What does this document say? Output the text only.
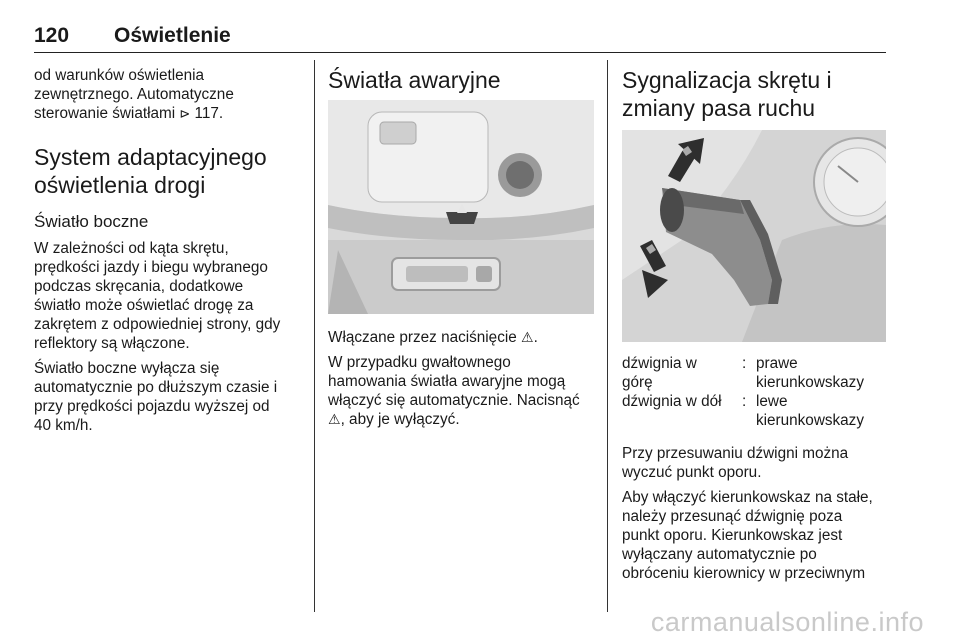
120 Oświetlenie

od warunków oświetlenia
zewnętrznego. Automatyczne
sterowanie światłami ⊳ 117.

System adaptacyjnego
oświetlenia drogi
Światło boczne

W zależności od kąta skrętu,
prędkości jazdy i biegu wybranego
podczas skręcania, dodatkowe
światło może oświetlać drogę za
zakrętem z odpowiedniej strony, gdy
reflektory są włączone.

Światło boczne wyłącza się
automatycznie po dłuższym czasie i
przy prędkości pojazdu wyższej od
40 km/h.

Światła awaryjne

Włączane przez naciśnięcie ⚠.

W przypadku gwałtownego
hamowania światła awaryjne mogą
włączyć się automatycznie. Nacisnąć
⚠, aby je wyłączyć.

Sygnalizacja skrętu i
zmiany pasa ruchu
dźwignia w
górę	:	prawe
kierunkowskazy
dźwignia w dół	:	lewe
kierunkowskazy

Przy przesuwaniu dźwigni można
wyczuć punkt oporu.

Aby włączyć kierunkowskaz na stałe,
należy przesunąć dźwignię poza
punkt oporu. Kierunkowskaz jest
wyłączany automatycznie po
obróceniu kierownicy w przeciwnym

carmanualsonline.info
